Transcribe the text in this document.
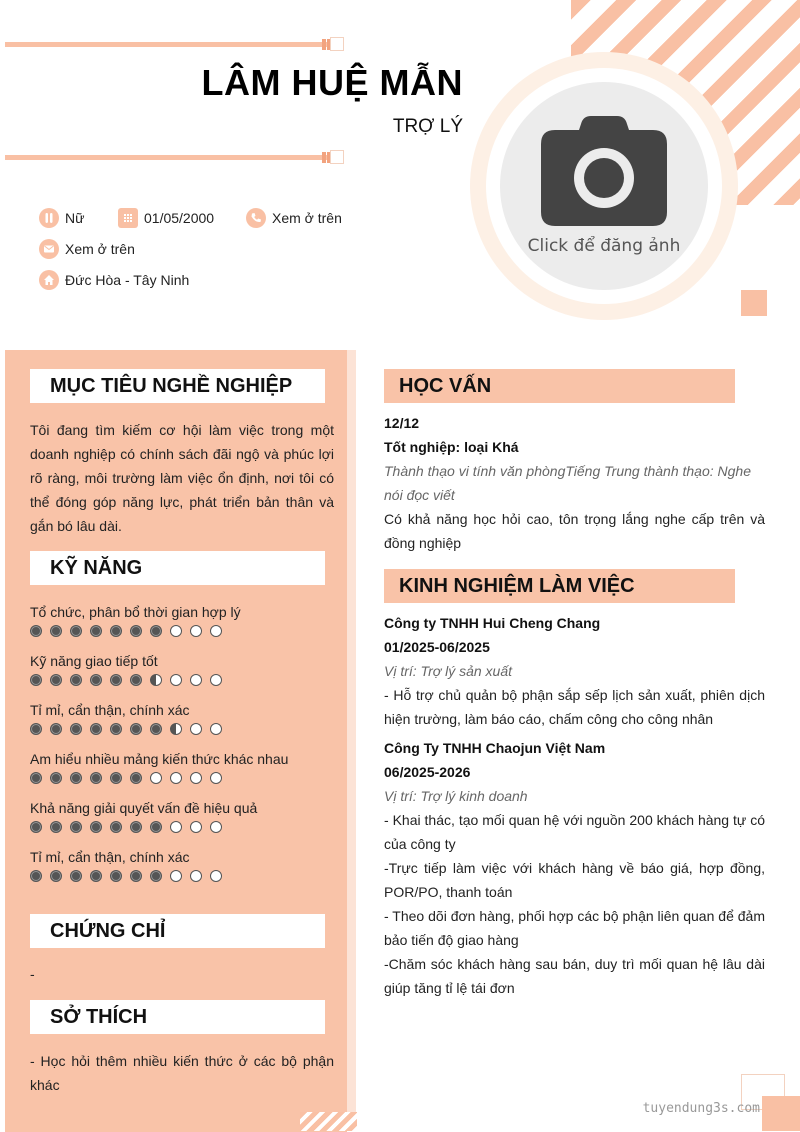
Click để đăng ảnh
LÂM HUỆ MẪN
TRỢ LÝ
Nữ	01/05/2000	Xem ở trên
Xem ở trên
Đức Hòa - Tây Ninh
MỤC TIÊU NGHỀ NGHIỆP
Tôi đang tìm kiếm cơ hội làm việc trong một doanh nghiệp có chính sách đãi ngộ và phúc lợi rõ ràng, môi trường làm việc ổn định, nơi tôi có thể đóng góp năng lực, phát triển bản thân và gắn bó lâu dài.
KỸ NĂNG
Tổ chức, phân bổ thời gian hợp lý
Kỹ năng giao tiếp tốt
Tỉ mỉ, cẩn thận, chính xác
Am hiểu nhiều mảng kiến thức khác nhau
Khả năng giải quyết vấn đề hiệu quả
Tỉ mỉ, cẩn thận, chính xác
CHỨNG CHỈ
-
SỞ THÍCH
- Học hỏi thêm nhiều kiến thức ở các bộ phận khác
HỌC VẤN
12/12
Tốt nghiệp: loại Khá
Thành thạo vi tính văn phòngTiếng Trung thành thạo: Nghe nói đọc viết
Có khả năng học hỏi cao, tôn trọng lắng nghe cấp trên và đồng nghiệp
KINH NGHIỆM LÀM VIỆC
Công ty TNHH Hui Cheng Chang
01/2025-06/2025
Vị trí: Trợ lý sản xuất
- Hỗ trợ chủ quản bộ phận sắp sếp lịch sản xuất, phiên dịch hiện trường, làm báo cáo, chấm công cho công nhân
Công Ty TNHH Chaojun Việt Nam
06/2025-2026
Vị trí: Trợ lý kinh doanh
- Khai thác, tạo mối quan hệ với nguồn 200 khách hàng tự có của công ty
-Trực tiếp làm việc với khách hàng về báo giá, hợp đồng, POR/PO, thanh toán
- Theo dõi đơn hàng, phối hợp các bộ phận liên quan để đảm bảo tiến độ giao hàng
-Chăm sóc khách hàng sau bán, duy trì mối quan hệ lâu dài giúp tăng tỉ lệ tái đơn
tuyendung3s.com
